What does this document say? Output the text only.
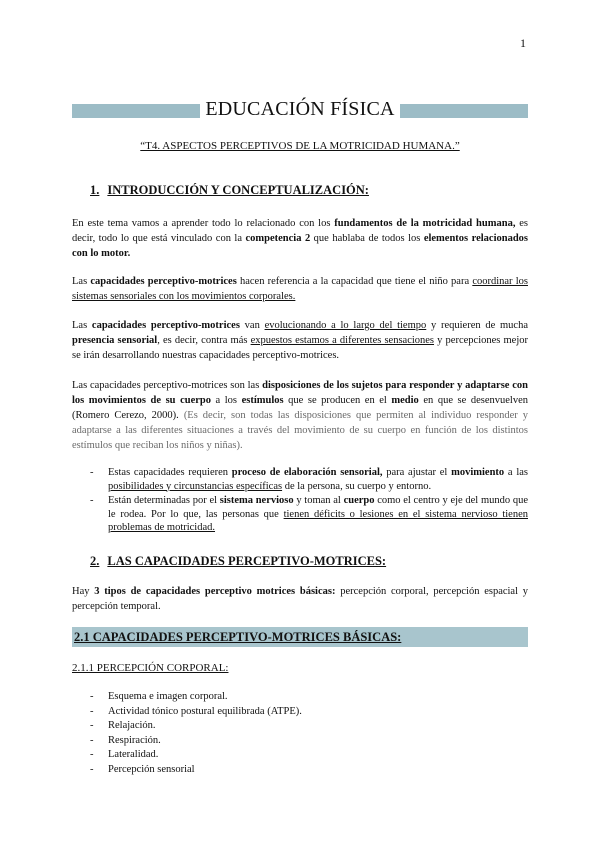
1
EDUCACIÓN FÍSICA
“T4. ASPECTOS PERCEPTIVOS DE LA MOTRICIDAD HUMANA.”
1. INTRODUCCIÓN Y CONCEPTUALIZACIÓN:
En este tema vamos a aprender todo lo relacionado con los fundamentos de la motricidad humana, es decir, todo lo que está vinculado con la competencia 2 que hablaba de todos los elementos relacionados con lo motor.
Las capacidades perceptivo-motrices hacen referencia a la capacidad que tiene el niño para coordinar los sistemas sensoriales con los movimientos corporales.
Las capacidades perceptivo-motrices van evolucionando a lo largo del tiempo y requieren de mucha presencia sensorial, es decir, contra más expuestos estamos a diferentes sensaciones y percepciones mejor se irán desarrollando nuestras capacidades perceptivo-motrices.
Las capacidades perceptivo-motrices son las disposiciones de los sujetos para responder y adaptarse con los movimientos de su cuerpo a los estímulos que se producen en el medio en que se desenvuelven (Romero Cerezo, 2000). (Es decir, son todas las disposiciones que permiten al individuo responder y adaptarse a las diferentes situaciones a través del movimiento de su cuerpo en función de los distintos estímulos que reciban los niños y niñas).
- Estas capacidades requieren proceso de elaboración sensorial, para ajustar el movimiento a las posibilidades y circunstancias específicas de la persona, su cuerpo y entorno.
- Están determinadas por el sistema nervioso y toman al cuerpo como el centro y eje del mundo que le rodea. Por lo que, las personas que tienen déficits o lesiones en el sistema nervioso tienen problemas de motricidad.
2. LAS CAPACIDADES PERCEPTIVO-MOTRICES:
Hay 3 tipos de capacidades perceptivo motrices básicas: percepción corporal, percepción espacial y percepción temporal.
2.1 CAPACIDADES PERCEPTIVO-MOTRICES BÁSICAS:
2.1.1 PERCEPCIÓN CORPORAL:
- Esquema e imagen corporal.
- Actividad tónico postural equilibrada (ATPE).
- Relajación.
- Respiración.
- Lateralidad.
- Percepción sensorial
